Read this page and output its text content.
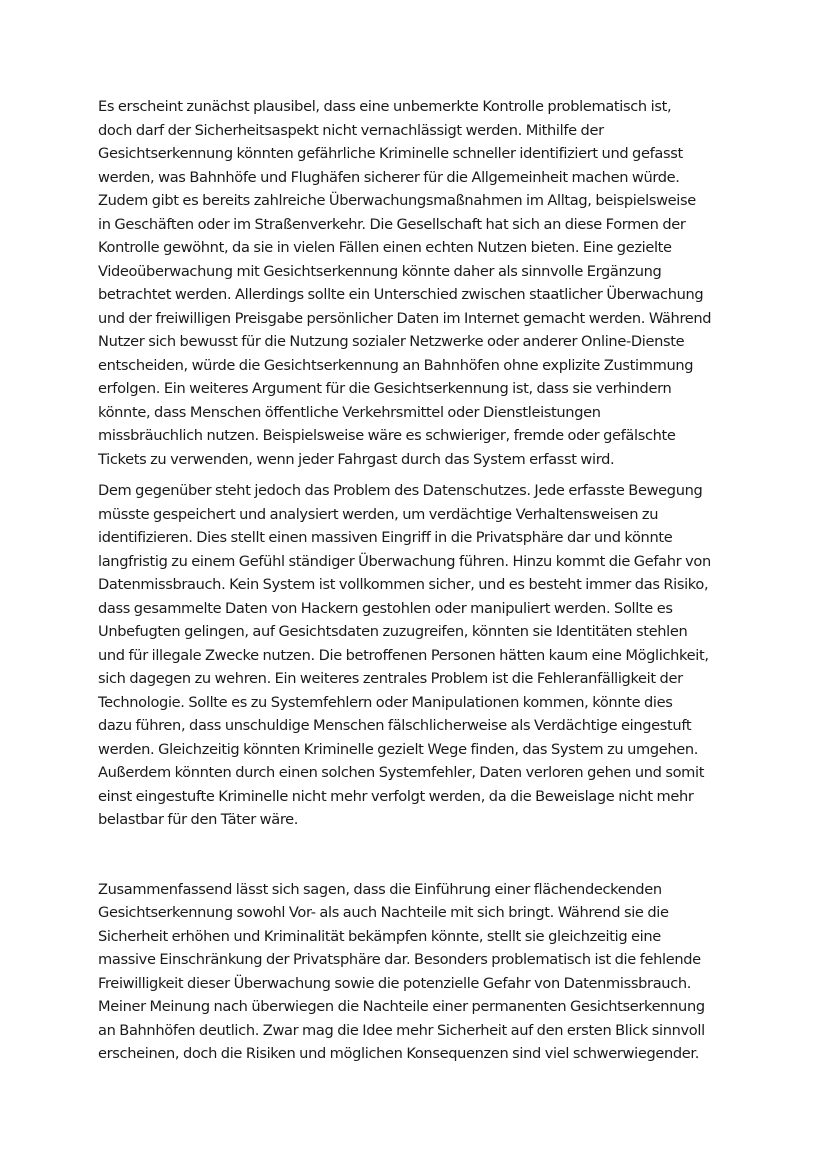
Es erscheint zunächst plausibel, dass eine unbemerkte Kontrolle problematisch ist,
doch darf der Sicherheitsaspekt nicht vernachlässigt werden. Mithilfe der
Gesichtserkennung könnten gefährliche Kriminelle schneller identifiziert und gefasst
werden, was Bahnhöfe und Flughäfen sicherer für die Allgemeinheit machen würde.
Zudem gibt es bereits zahlreiche Überwachungsmaßnahmen im Alltag, beispielsweise
in Geschäften oder im Straßenverkehr. Die Gesellschaft hat sich an diese Formen der
Kontrolle gewöhnt, da sie in vielen Fällen einen echten Nutzen bieten. Eine gezielte
Videoüberwachung mit Gesichtserkennung könnte daher als sinnvolle Ergänzung
betrachtet werden. Allerdings sollte ein Unterschied zwischen staatlicher Überwachung
und der freiwilligen Preisgabe persönlicher Daten im Internet gemacht werden. Während
Nutzer sich bewusst für die Nutzung sozialer Netzwerke oder anderer Online-Dienste
entscheiden, würde die Gesichtserkennung an Bahnhöfen ohne explizite Zustimmung
erfolgen. Ein weiteres Argument für die Gesichtserkennung ist, dass sie verhindern
könnte, dass Menschen öffentliche Verkehrsmittel oder Dienstleistungen
missbräuchlich nutzen. Beispielsweise wäre es schwieriger, fremde oder gefälschte
Tickets zu verwenden, wenn jeder Fahrgast durch das System erfasst wird.

Dem gegenüber steht jedoch das Problem des Datenschutzes. Jede erfasste Bewegung
müsste gespeichert und analysiert werden, um verdächtige Verhaltensweisen zu
identifizieren. Dies stellt einen massiven Eingriff in die Privatsphäre dar und könnte
langfristig zu einem Gefühl ständiger Überwachung führen. Hinzu kommt die Gefahr von
Datenmissbrauch. Kein System ist vollkommen sicher, und es besteht immer das Risiko,
dass gesammelte Daten von Hackern gestohlen oder manipuliert werden. Sollte es
Unbefugten gelingen, auf Gesichtsdaten zuzugreifen, könnten sie Identitäten stehlen
und für illegale Zwecke nutzen. Die betroffenen Personen hätten kaum eine Möglichkeit,
sich dagegen zu wehren. Ein weiteres zentrales Problem ist die Fehleranfälligkeit der
Technologie. Sollte es zu Systemfehlern oder Manipulationen kommen, könnte dies
dazu führen, dass unschuldige Menschen fälschlicherweise als Verdächtige eingestuft
werden. Gleichzeitig könnten Kriminelle gezielt Wege finden, das System zu umgehen.
Außerdem könnten durch einen solchen Systemfehler, Daten verloren gehen und somit
einst eingestufte Kriminelle nicht mehr verfolgt werden, da die Beweislage nicht mehr
belastbar für den Täter wäre.

Zusammenfassend lässt sich sagen, dass die Einführung einer flächendeckenden
Gesichtserkennung sowohl Vor- als auch Nachteile mit sich bringt. Während sie die
Sicherheit erhöhen und Kriminalität bekämpfen könnte, stellt sie gleichzeitig eine
massive Einschränkung der Privatsphäre dar. Besonders problematisch ist die fehlende
Freiwilligkeit dieser Überwachung sowie die potenzielle Gefahr von Datenmissbrauch.
Meiner Meinung nach überwiegen die Nachteile einer permanenten Gesichtserkennung
an Bahnhöfen deutlich. Zwar mag die Idee mehr Sicherheit auf den ersten Blick sinnvoll
erscheinen, doch die Risiken und möglichen Konsequenzen sind viel schwerwiegender.
